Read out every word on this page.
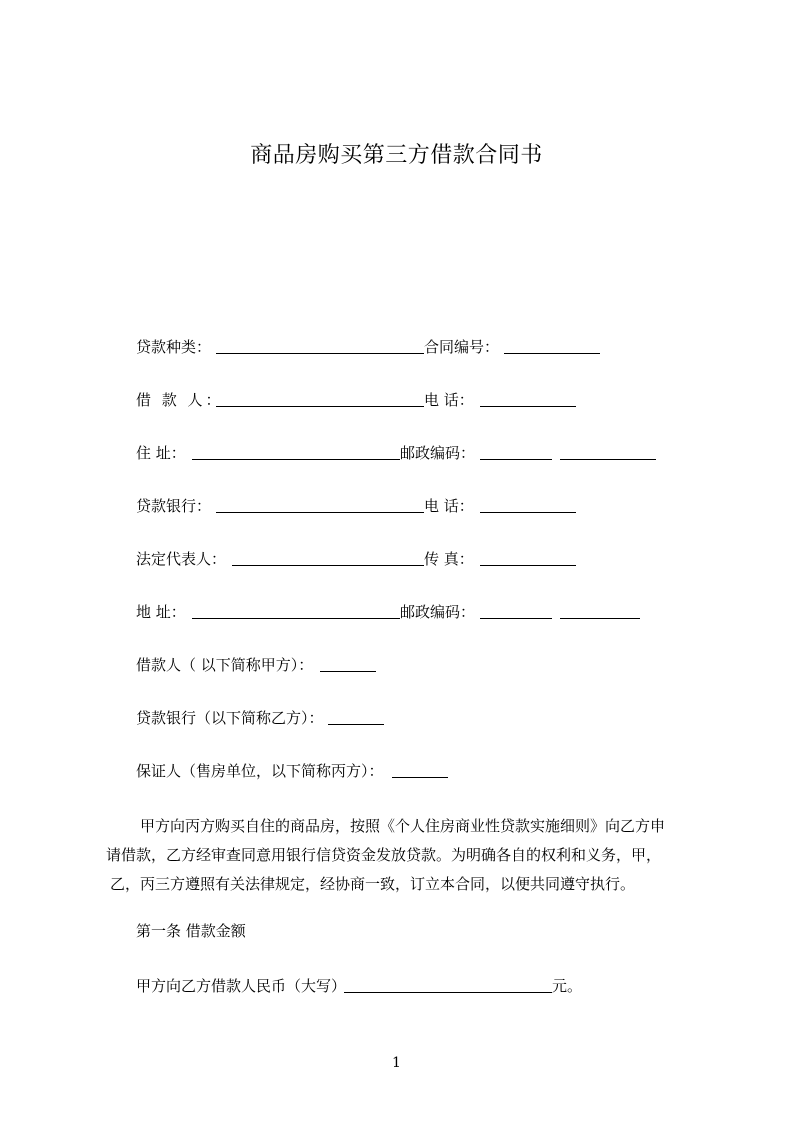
商品房购买第三方借款合同书
贷款种类：	合同编号：
借 款 人：	电 话：
住 址：	邮政编码：
贷款银行：	电 话：
法定代表人：	传 真：
地 址：	邮政编码：
借款人（ 以下简称甲方）：
贷款银行（以下简称乙方）：
保证人（售房单位，以下简称丙方）：
甲方向丙方购买自住的商品房，按照《个人住房商业性贷款实施细则》向乙方申
请借款，乙方经审查同意用银行信贷资金发放贷款。为明确各自的权利和义务，甲，
乙，丙三方遵照有关法律规定，经协商一致，订立本合同，以便共同遵守执行。
第一条 借款金额
甲方向乙方借款人民币（大写）	元。
1
